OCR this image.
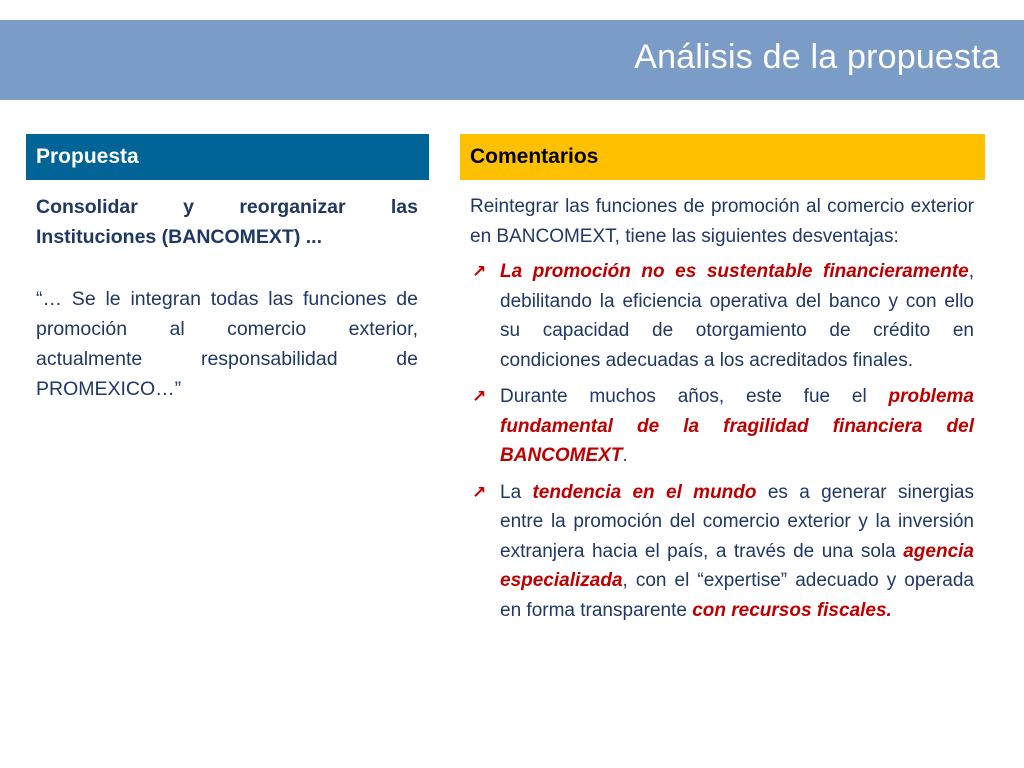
Análisis de la propuesta
Propuesta	Comentarios

Consolidar y reorganizar las Instituciones (BANCOMEXT) ...

“… Se le integran todas las funciones de promoción al comercio exterior, actualmente responsabilidad de PROMEXICO…”

Reintegrar las funciones de promoción al comercio exterior en BANCOMEXT, tiene las siguientes desventajas:

↗ La promoción no es sustentable financieramente, debilitando la eficiencia operativa del banco y con ello su capacidad de otorgamiento de crédito en condiciones adecuadas a los acreditados finales.
↗ Durante muchos años, este fue el problema fundamental de la fragilidad financiera del BANCOMEXT.
↗ La tendencia en el mundo es a generar sinergias entre la promoción del comercio exterior y la inversión extranjera hacia el país, a través de una sola agencia especializada, con el “expertise” adecuado y operada en forma transparente con recursos fiscales.
